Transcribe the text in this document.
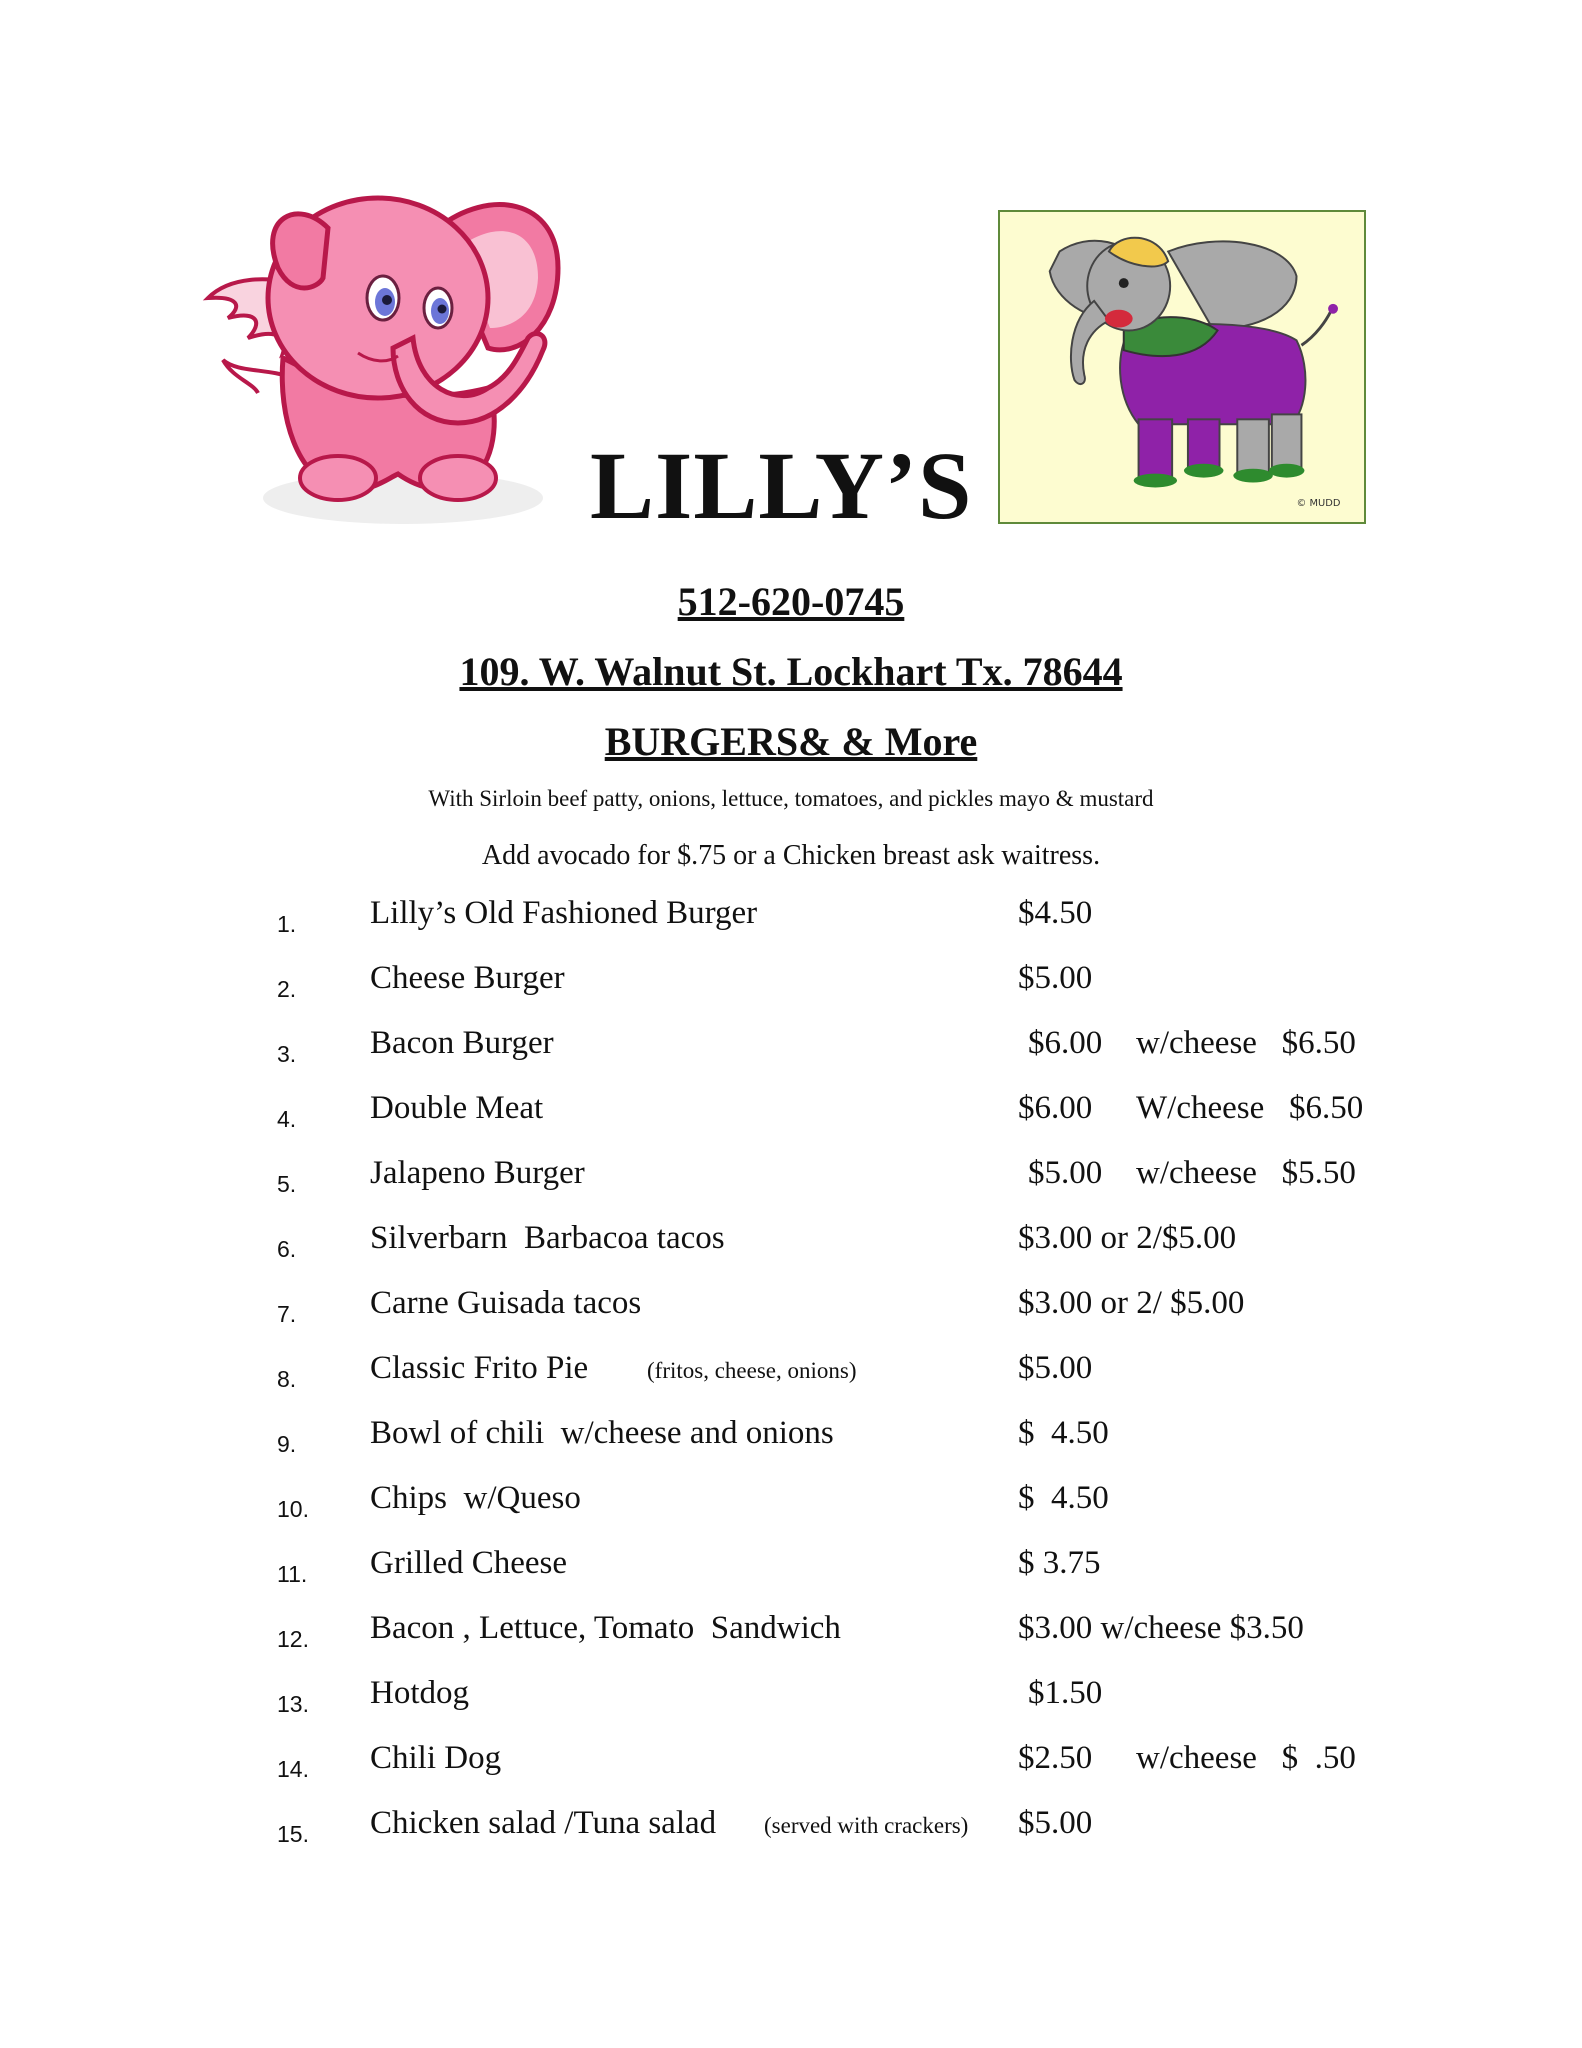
LILLY’S	© MUDD
512-620-0745
109. W. Walnut St. Lockhart Tx. 78644
BURGERS& & More
With Sirloin beef patty, onions, lettuce, tomatoes, and pickles mayo & mustard
Add avocado for $.75 or a Chicken breast ask waitress.
1. Lilly’s Old Fashioned Burger	$4.50
2. Cheese Burger	$5.00
3. Bacon Burger	$6.00 w/cheese   $6.50
4. Double Meat	$6.00 W/cheese   $6.50
5. Jalapeno Burger	$5.00 w/cheese   $5.50
6. Silverbarn  Barbacoa tacos	$3.00 or 2/$5.00
7. Carne Guisada tacos	$3.00 or 2/ $5.00
8. Classic Frito Pie	(fritos, cheese, onions)	$5.00
9. Bowl of chili  w/cheese and onions	$  4.50
10. Chips  w/Queso	$  4.50
11. Grilled Cheese	$ 3.75
12. Bacon , Lettuce, Tomato  Sandwich	$3.00 w/cheese $3.50
13. Hotdog	$1.50
14. Chili Dog	$2.50 w/cheese   $  .50
15. Chicken salad /Tuna salad (served with crackers) $5.00
